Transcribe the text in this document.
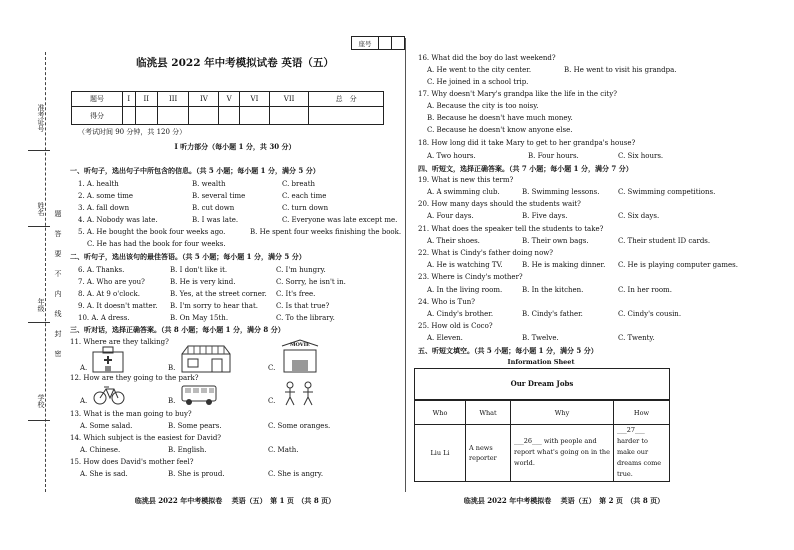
准考证号
姓名
年级
学校
题
答
要
不
内
线
封
密
座号		
临洮县 2022 年中考模拟试卷 英语（五）
题号	I	II	III	IV	V	VI	VII	总　分
得分								
（考试时间 90 分钟，共 120 分）
I 听力部分（每小题 1 分，共 30 分）
一、听句子，选出句子中所包含的信息。（共 5 小题；每小题 1 分，满分 5 分）
1. A. health	B. wealth	C. breath
2. A. some time	B. several time	C. each time
3. A. fall down	B. cut down	C. turn down
4. A. Nobody was late.	B. I was late.	C. Everyone was late except me.
5. A. He bought the book four weeks ago.	B. He spent four weeks finishing the book.
C. He has had the book for four weeks.
二、听句子，选出该句的最佳答语。（共 5 小题；每小题 1 分，满分 5 分）
6. A. Thanks.	B. I don't like it.	C. I'm hungry.
7. A. Who are you?	B. He is very kind.	C. Sorry, he isn't in.
8. A. At 9 o'clock.	B. Yes, at the street corner. C. It's free.
9. A. It doesn't matter. B. I'm sorry to hear that.	C. Is that true?
10. A. A dress.	B. On May 15th.	C. To the library.
三、听对话，选择正确答案。（共 8 小题；每小题 1 分，满分 8 分）
11. Where are they talking?
A.	B.	C.
MOVIE
12. How are they going to the park?
A.	B.	C.
13. What is the man going to buy?
A. Some salad.	B. Some pears.	C. Some oranges.
14. Which subject is the easiest for David?
A. Chinese.	B. English.	C. Math.
15. How does David's mother feel?
A. She is sad.	B. She is proud.	C. She is angry.
临洮县 2022 年中考模拟卷　 英语（五）　第 1 页　（共 8 页）
16. What did the boy do last weekend?
A. He went to the city center.	B. He went to visit his grandpa.
C. He joined in a school trip.
17. Why doesn't Mary's grandpa like the life in the city?
A. Because the city is too noisy.
B. Because he doesn't have much money.
C. Because he doesn't know anyone else.
18. How long did it take Mary to get to her grandpa's house?
A. Two hours.	B. Four hours.	C. Six hours.
四、听短文，选择正确答案。（共 7 小题；每小题 1 分，满分 7 分）
19. What is new this term?
A. A swimming club.	B. Swimming lessons.	C. Swimming competitions.
20. How many days should the students wait?
A. Four days.	B. Five days.	C. Six days.
21. What does the speaker tell the students to take?
A. Their shoes.	B. Their own bags.	C. Their student ID cards.
22. What is Cindy's father doing now?
A. He is watching TV.	B. He is making dinner. C. He is playing computer games.
23. Where is Cindy's mother?
A. In the living room.	B. In the kitchen.	C. In her room.
24. Who is Tun?
A. Cindy's brother.	B. Cindy's father.	C. Cindy's cousin.
25. How old is Coco?
A. Eleven.	B. Twelve.	C. Twenty.
五、听短文填空。（共 5 小题；每小题 1 分，满分 5 分）
Information Sheet
Our Dream Jobs
Who	What	Why	How
Liu Li	A news reporter	___26___ with people and report what's going on in the world.	___27___ harder to make our dreams come true.
临洮县 2022 年中考模拟卷　 英语（五）　第 2 页　（共 8 页）
